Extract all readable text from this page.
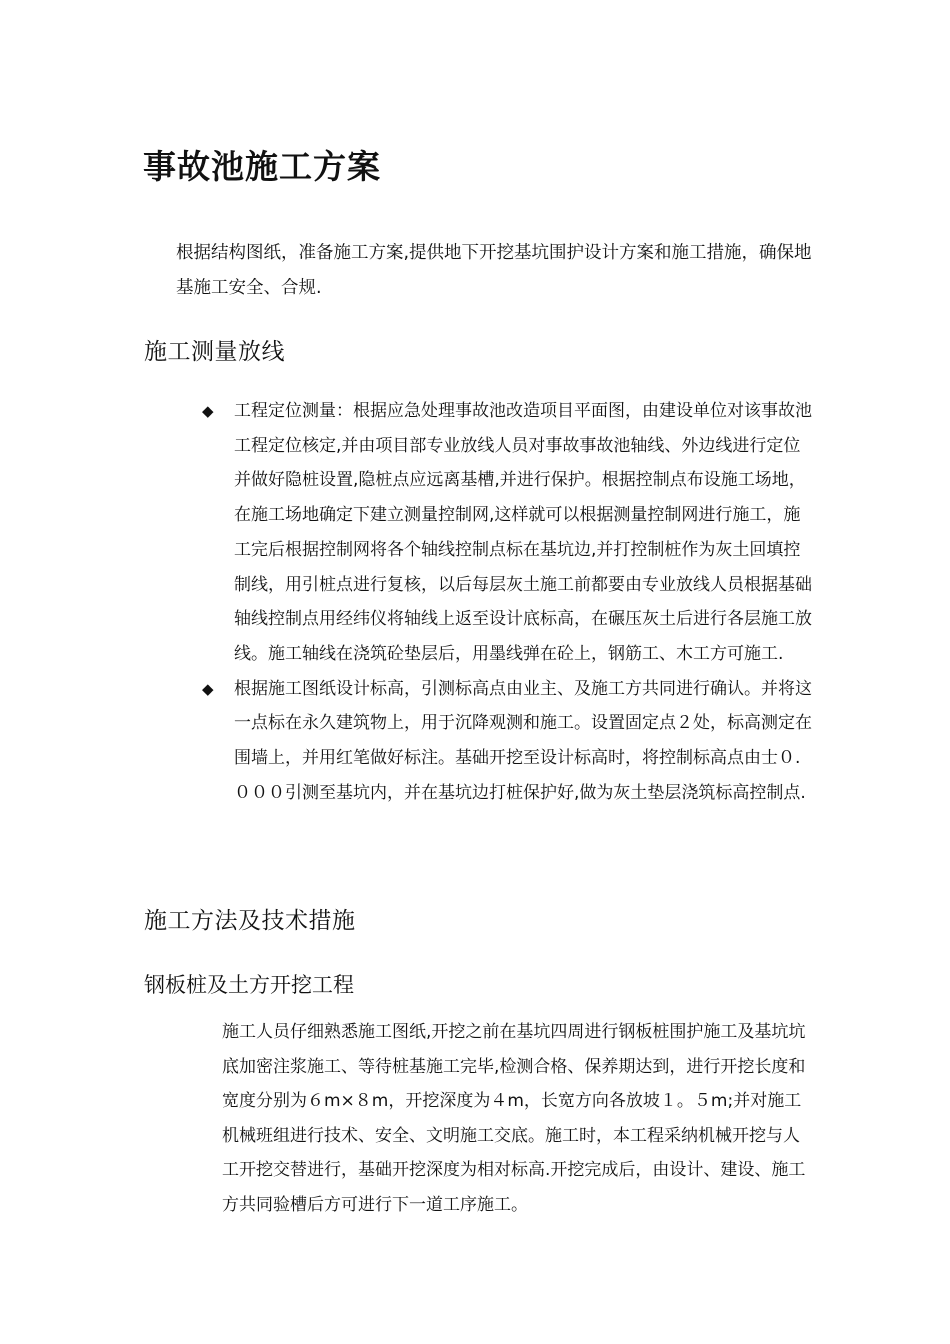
事故池施工方案

根据结构图纸，准备施工方案,提供地下开挖基坑围护设计方案和施工措施，确保地基施工安全、合规.

施工测量放线
◆ 工程定位测量：根据应急处理事故池改造项目平面图，由建设单位对该事故池工程定位核定,并由项目部专业放线人员对事故事故池轴线、外边线进行定位并做好隐桩设置,隐桩点应远离基槽,并进行保护。根据控制点布设施工场地，在施工场地确定下建立测量控制网,这样就可以根据测量控制网进行施工，施工完后根据控制网将各个轴线控制点标在基坑边,并打控制桩作为灰土回填控制线，用引桩点进行复核，以后每层灰土施工前都要由专业放线人员根据基础轴线控制点用经纬仪将轴线上返至设计底标高，在碾压灰土后进行各层施工放线。施工轴线在浇筑砼垫层后，用墨线弹在砼上，钢筋工、木工方可施工.
◆ 根据施工图纸设计标高，引测标高点由业主、及施工方共同进行确认。并将这一点标在永久建筑物上，用于沉降观测和施工。设置固定点２处，标高测定在围墙上，并用红笔做好标注。基础开挖至设计标高时，将控制标高点由士０.０００引测至基坑内，并在基坑边打桩保护好,做为灰土垫层浇筑标高控制点.
施工方法及技术措施
钢板桩及土方开挖工程

施工人员仔细熟悉施工图纸,开挖之前在基坑四周进行钢板桩围护施工及基坑坑底加密注浆施工、等待桩基施工完毕,检测合格、保养期达到，进行开挖长度和宽度分别为６m×８m，开挖深度为４m，长宽方向各放坡１。５m;并对施工机械班组进行技术、安全、文明施工交底。施工时，本工程采纳机械开挖与人工开挖交替进行，基础开挖深度为相对标高.开挖完成后，由设计、建设、施工方共同验槽后方可进行下一道工序施工。
